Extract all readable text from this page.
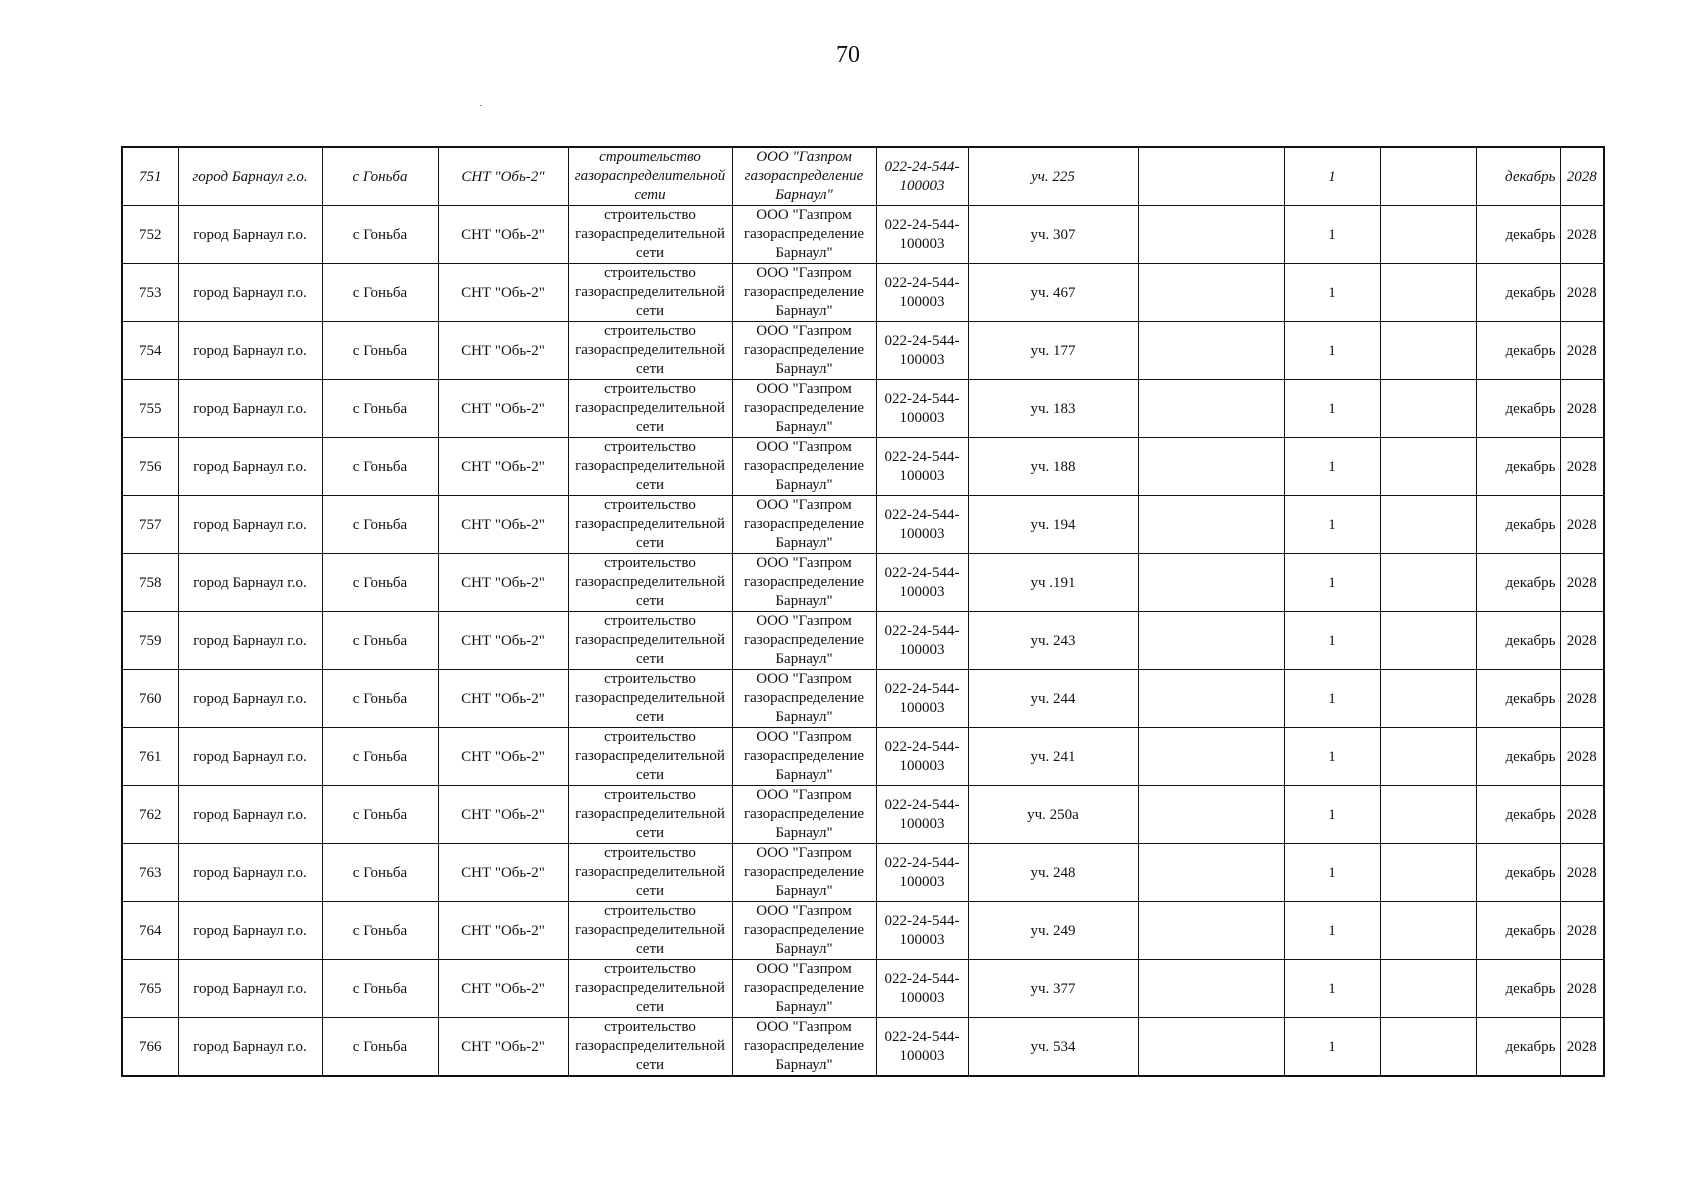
70
751	город Барнаул г.о.	с Гоньба	СНТ "Обь-2"	строительство газораспределительной сети	ООО "Газпром газораспределение Барнаул"	022-24-544-100003	уч. 225		1		декабрь	2028
752	город Барнаул г.о.	с Гоньба	СНТ "Обь-2"	строительство газораспределительной сети	ООО "Газпром газораспределение Барнаул"	022-24-544-100003	уч. 307		1		декабрь	2028
753	город Барнаул г.о.	с Гоньба	СНТ "Обь-2"	строительство газораспределительной сети	ООО "Газпром газораспределение Барнаул"	022-24-544-100003	уч. 467		1		декабрь	2028
754	город Барнаул г.о.	с Гоньба	СНТ "Обь-2"	строительство газораспределительной сети	ООО "Газпром газораспределение Барнаул"	022-24-544-100003	уч. 177		1		декабрь	2028
755	город Барнаул г.о.	с Гоньба	СНТ "Обь-2"	строительство газораспределительной сети	ООО "Газпром газораспределение Барнаул"	022-24-544-100003	уч. 183		1		декабрь	2028
756	город Барнаул г.о.	с Гоньба	СНТ "Обь-2"	строительство газораспределительной сети	ООО "Газпром газораспределение Барнаул"	022-24-544-100003	уч. 188		1		декабрь	2028
757	город Барнаул г.о.	с Гоньба	СНТ "Обь-2"	строительство газораспределительной сети	ООО "Газпром газораспределение Барнаул"	022-24-544-100003	уч. 194		1		декабрь	2028
758	город Барнаул г.о.	с Гоньба	СНТ "Обь-2"	строительство газораспределительной сети	ООО "Газпром газораспределение Барнаул"	022-24-544-100003	уч .191		1		декабрь	2028
759	город Барнаул г.о.	с Гоньба	СНТ "Обь-2"	строительство газораспределительной сети	ООО "Газпром газораспределение Барнаул"	022-24-544-100003	уч. 243		1		декабрь	2028
760	город Барнаул г.о.	с Гоньба	СНТ "Обь-2"	строительство газораспределительной сети	ООО "Газпром газораспределение Барнаул"	022-24-544-100003	уч. 244		1		декабрь	2028
761	город Барнаул г.о.	с Гоньба	СНТ "Обь-2"	строительство газораспределительной сети	ООО "Газпром газораспределение Барнаул"	022-24-544-100003	уч. 241		1		декабрь	2028
762	город Барнаул г.о.	с Гоньба	СНТ "Обь-2"	строительство газораспределительной сети	ООО "Газпром газораспределение Барнаул"	022-24-544-100003	уч. 250а		1		декабрь	2028
763	город Барнаул г.о.	с Гоньба	СНТ "Обь-2"	строительство газораспределительной сети	ООО "Газпром газораспределение Барнаул"	022-24-544-100003	уч. 248		1		декабрь	2028
764	город Барнаул г.о.	с Гоньба	СНТ "Обь-2"	строительство газораспределительной сети	ООО "Газпром газораспределение Барнаул"	022-24-544-100003	уч. 249		1		декабрь	2028
765	город Барнаул г.о.	с Гоньба	СНТ "Обь-2"	строительство газораспределительной сети	ООО "Газпром газораспределение Барнаул"	022-24-544-100003	уч. 377		1		декабрь	2028
766	город Барнаул г.о.	с Гоньба	СНТ "Обь-2"	строительство газораспределительной сети	ООО "Газпром газораспределение Барнаул"	022-24-544-100003	уч. 534		1		декабрь	2028
